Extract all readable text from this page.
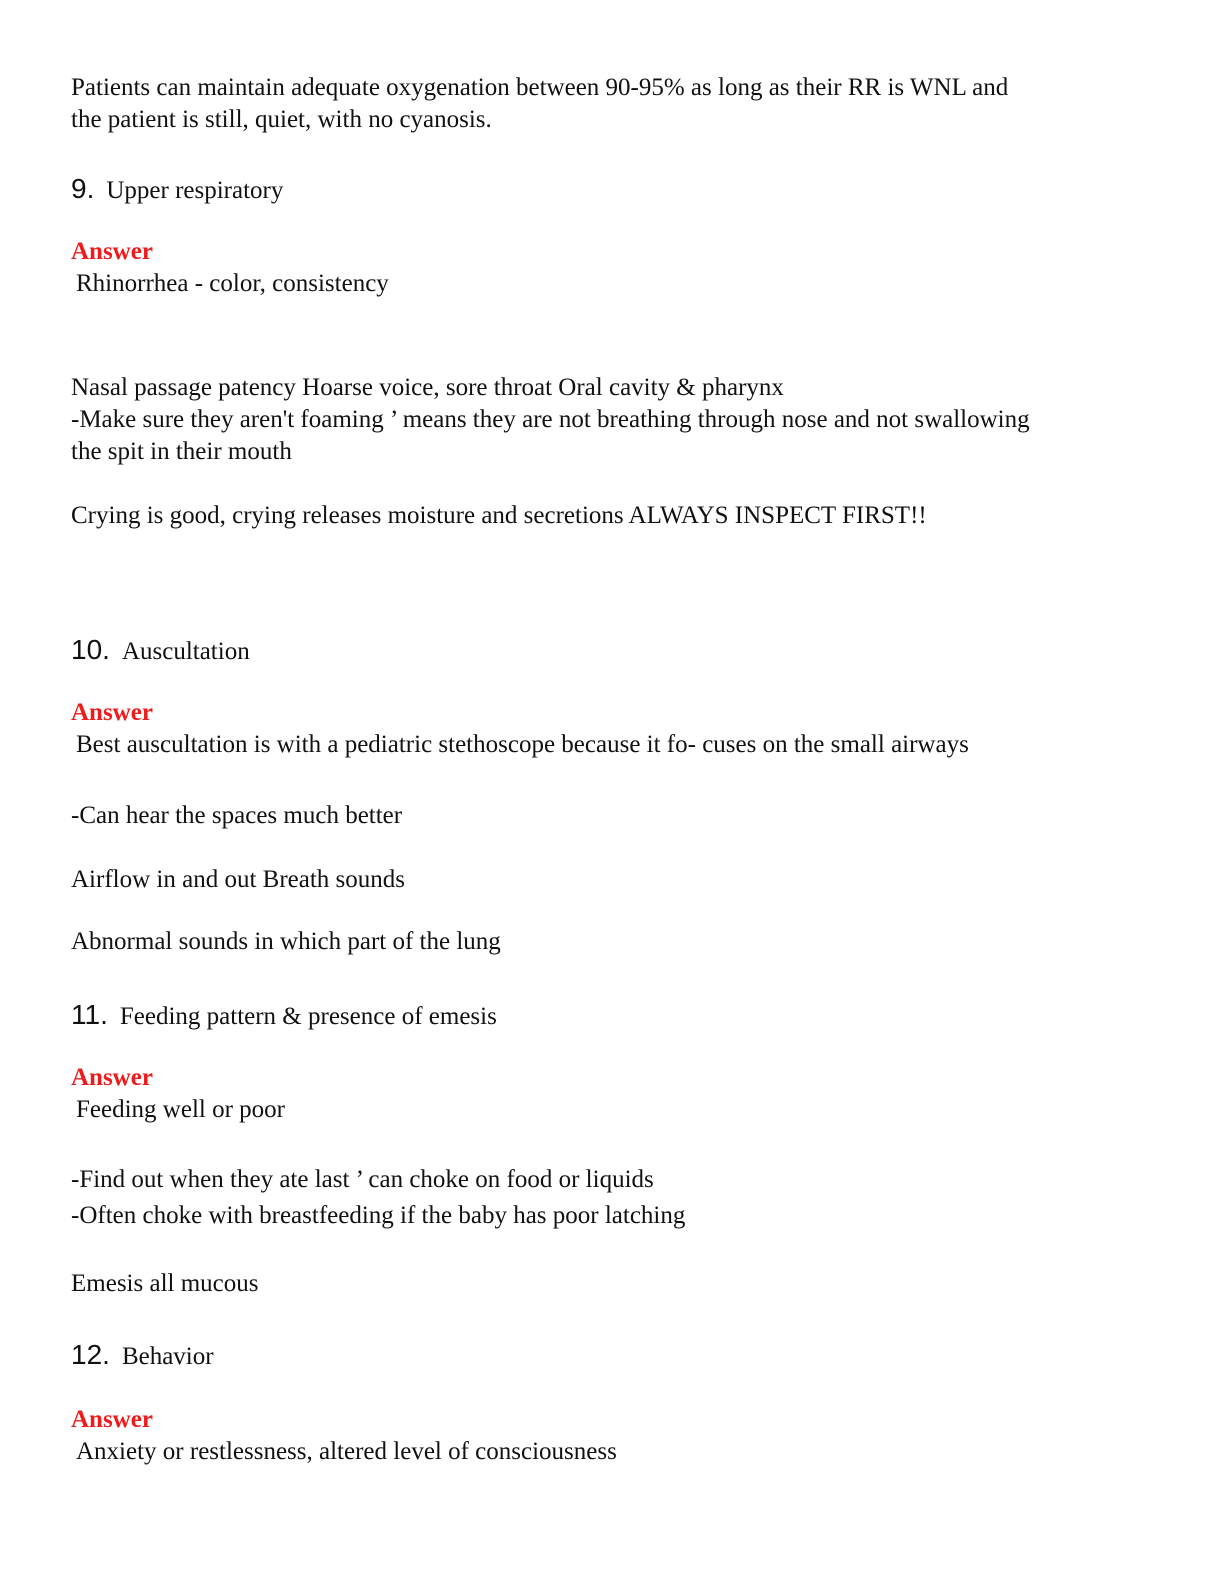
Patients can maintain adequate oxygenation between 90-95% as long as their RR is WNL and
the patient is still, quiet, with no cyanosis.
9. Upper respiratory
Answer
Rhinorrhea - color, consistency
Nasal passage patency Hoarse voice, sore throat Oral cavity & pharynx
-Make sure they aren't foaming ’ means they are not breathing through nose and not swallowing
the spit in their mouth
Crying is good, crying releases moisture and secretions ALWAYS INSPECT FIRST!!
10. Auscultation
Answer
Best auscultation is with a pediatric stethoscope because it fo- cuses on the small airways
-Can hear the spaces much better
Airflow in and out Breath sounds
Abnormal sounds in which part of the lung
11. Feeding pattern & presence of emesis
Answer
Feeding well or poor
-Find out when they ate last ’ can choke on food or liquids
-Often choke with breastfeeding if the baby has poor latching
Emesis all mucous
12. Behavior
Answer
Anxiety or restlessness, altered level of consciousness
